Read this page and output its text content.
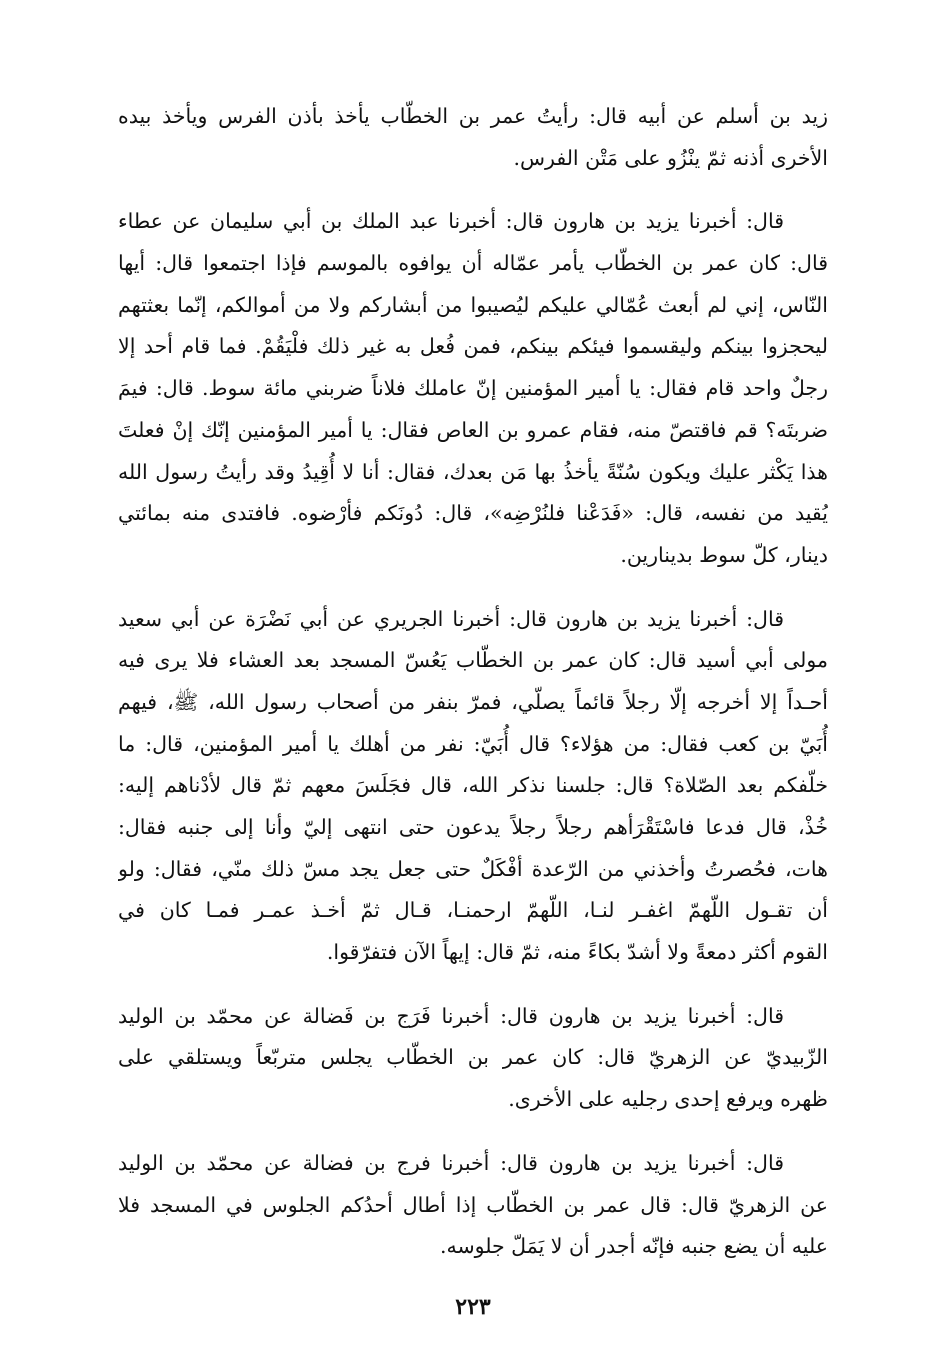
زيد بن أسلم عن أبيه قال: رأيتُ عمر بن الخطّاب يأخذ بأذن الفرس ويأخذ بيده
الأخرى أذنه ثمّ ينْزُو على مَتْن الفرس.
قال: أخبرنا يزيد بن هارون قال: أخبرنا عبد الملك بن أبي سليمان عن عطاء
قال: كان عمر بن الخطّاب يأمر عمّاله أن يوافوه بالموسم فإذا اجتمعوا قال: أيها
النّاس، إني لم أبعث عُمّالي عليكم ليُصيبوا من أبشاركم ولا من أموالكم، إنّما بعثتهم
ليحجزوا بينكم وليقسموا فيئكم بينكم، فمن فُعل به غير ذلك فلْيَقُمْ. فما قام أحد إلا
رجلٌ واحد قام فقال: يا أمير المؤمنين إنّ عاملك فلاناً ضربني مائة سوط. قال: فيمَ
ضربتَه؟ قم فاقتصّ منه، فقام عمرو بن العاص فقال: يا أمير المؤمنين إنّك إنْ فعلتَ
هذا يَكْثر عليك ويكون سُنّةً يأخذُ بها مَن بعدك، فقال: أنا لا أُقِيدُ وقد رأيتُ رسول الله
يُقيد من نفسه، قال: «فَدَعْنا فلنُرْضِه»، قال: دُونَكم فأرْضوه. فافتدى منه بمائتي
دينار، كلّ سوط بدينارين.
قال: أخبرنا يزيد بن هارون قال: أخبرنا الجريري عن أبي نَضْرَة عن أبي سعيد
مولى أبي أسيد قال: كان عمر بن الخطّاب يَعُسّ المسجد بعد العشاء فلا يرى فيه
أحـداً إلا أخرجه إلّا رجلاً قائماً يصلّي، فمرّ بنفر من أصحاب رسول الله، ﷺ، فيهم
أُبَيّ بن كعب فقال: من هؤلاء؟ قال أُبَيّ: نفر من أهلك يا أمير المؤمنين، قال: ما
خلّفكم بعد الصّلاة؟ قال: جلسنا نذكر الله، قال فجَلَسَ معهم ثمّ قال لأدْناهم إليه:
خُذْ، قال فدعا فاسْتَقْرَأهم رجلاً رجلاً يدعون حتى انتهى إليّ وأنا إلى جنبه فقال:
هات، فحُصرتُ وأخذني من الرّعدة أفْكَلٌ حتى جعل يجد مسّ ذلك منّي، فقال: ولو
أن تقـول اللّهمّ اغفـر لنـا، اللّهمّ ارحمنـا، قـال ثمّ أخـذ عمـر فمـا كان في
القوم أكثر دمعةً ولا أشدّ بكاءً منه، ثمّ قال: إيهاً الآن فتفرّقوا.
قال: أخبرنا يزيد بن هارون قال: أخبرنا فَرَج بن فَضالة عن محمّد بن الوليد
الزّبيديّ عن الزهريّ قال: كان عمر بن الخطّاب يجلس متربّعاً ويستلقي على
ظهره ويرفع إحدى رجليه على الأخرى.
قال: أخبرنا يزيد بن هارون قال: أخبرنا فرج بن فضالة عن محمّد بن الوليد
عن الزهريّ قال: قال عمر بن الخطّاب إذا أطال أحدُكم الجلوس في المسجد فلا
عليه أن يضع جنبه فإنّه أجدر أن لا يَمَلّ جلوسه.
٢٢٣
